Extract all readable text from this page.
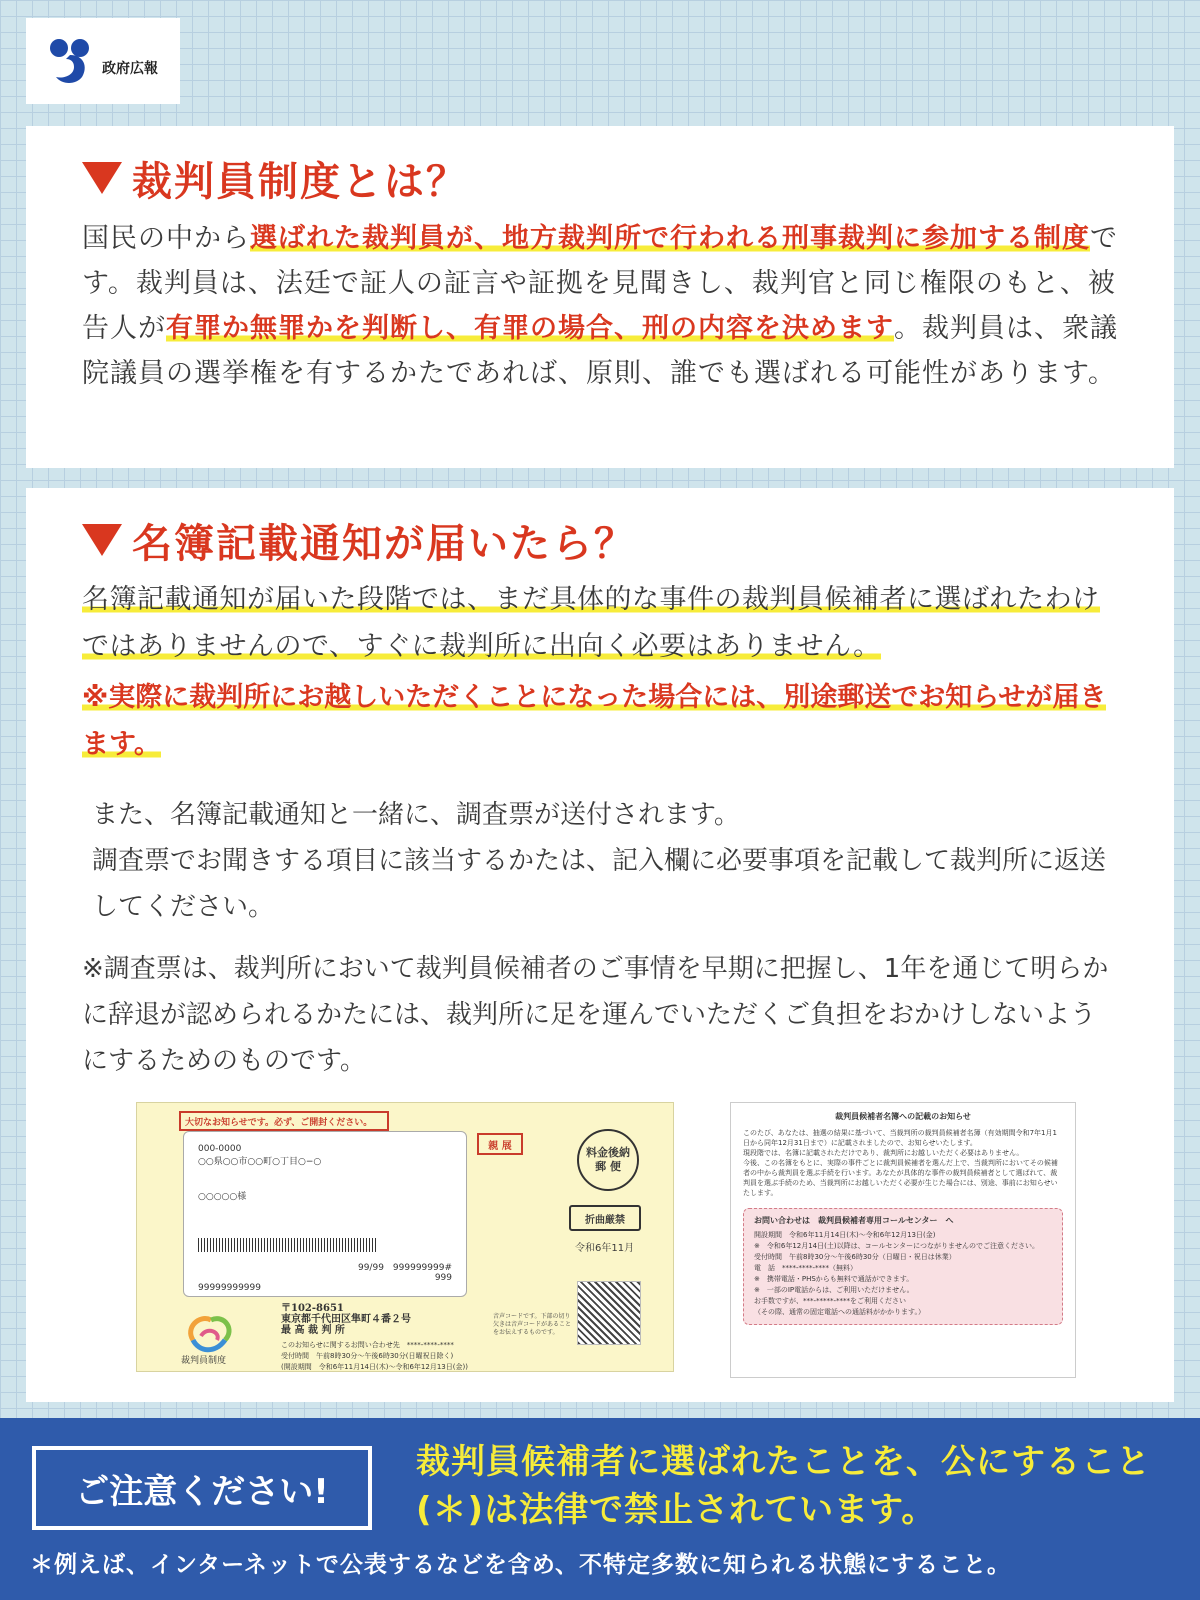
政府広報
裁判員制度とは？

国民の中から選ばれた裁判員が、地方裁判所で行われる刑事裁判に参加する制度です。裁判員は、法廷で証人の証言や証拠を見聞きし、裁判官と同じ権限のもと、被告人が有罪か無罪かを判断し、有罪の場合、刑の内容を決めます。裁判員は、衆議院議員の選挙権を有するかたであれば、原則、誰でも選ばれる可能性があります。

名簿記載通知が届いたら？

名簿記載通知が届いた段階では、まだ具体的な事件の裁判員候補者に選ばれたわけではありませんので、すぐに裁判所に出向く必要はありません。

※実際に裁判所にお越しいただくことになった場合には、別途郵送でお知らせが届きます。

また、名簿記載通知と一緒に、調査票が送付されます。
調査票でお聞きする項目に該当するかたは、記入欄に必要事項を記載して裁判所に返送してください。

※調査票は、裁判所において裁判員候補者のご事情を早期に把握し、1年を通じて明らかに辞退が認められるかたには、裁判所に足を運んでいただくご負担をおかけしないようにするためのものです。

大切なお知らせです。必ず、ご開封ください。
000-0000
○○県○○市○○町○丁目○−○
○○○○○様
99/99　999999999#
999
99999999999
親 展	料金後納
郵 便
折曲厳禁
令和6年11月
裁判員制度
〒102-8651
東京都千代田区隼町４番２号
最 高 裁 判 所
このお知らせに関するお問い合わせ先　****-****-****
受付時間　午前8時30分〜午後6時30分(日曜祝日除く)
(開設期間　令和6年11月14日(木)〜令和6年12月13日(金))
音声コードです。下部の切り
欠きは音声コードがあること
をお伝えするものです。
裁判員候補者名簿への記載のお知らせ
このたび、あなたは、抽選の結果に基づいて、当裁判所の裁判員候補者名簿（有効期間令和7年1月1日から同年12月31日まで）に記載されましたので、お知らせいたします。
現段階では、名簿に記載されただけであり、裁判所にお越しいただく必要はありません。
今後、この名簿をもとに、実際の事件ごとに裁判員候補者を選んだ上で、当裁判所においてその候補者の中から裁判員を選ぶ手続を行います。あなたが具体的な事件の裁判員候補者として選ばれて、裁判員を選ぶ手続のため、当裁判所にお越しいただく必要が生じた場合には、別途、事前にお知らせいたします。
お問い合わせは　裁判員候補者専用コールセンター　へ
開設期間　令和6年11月14日(木)〜令和6年12月13日(金)
※　令和6年12月14日(土)以降は、コールセンターにつながりませんのでご注意ください。
受付時間　午前8時30分〜午後6時30分（日曜日・祝日は休業）
電　話　****-****-****（無料）
※　携帯電話・PHSからも無料で通話ができます。
※　一部のIP電話からは、ご利用いただけません。
お手数ですが、***-*****-****をご利用ください
（その際、通常の固定電話への通話料がかかります。）
ご注意ください!
裁判員候補者に選ばれたことを、公にすること(＊)は法律で禁止されています。
＊例えば、インターネットで公表するなどを含め、不特定多数に知られる状態にすること。
